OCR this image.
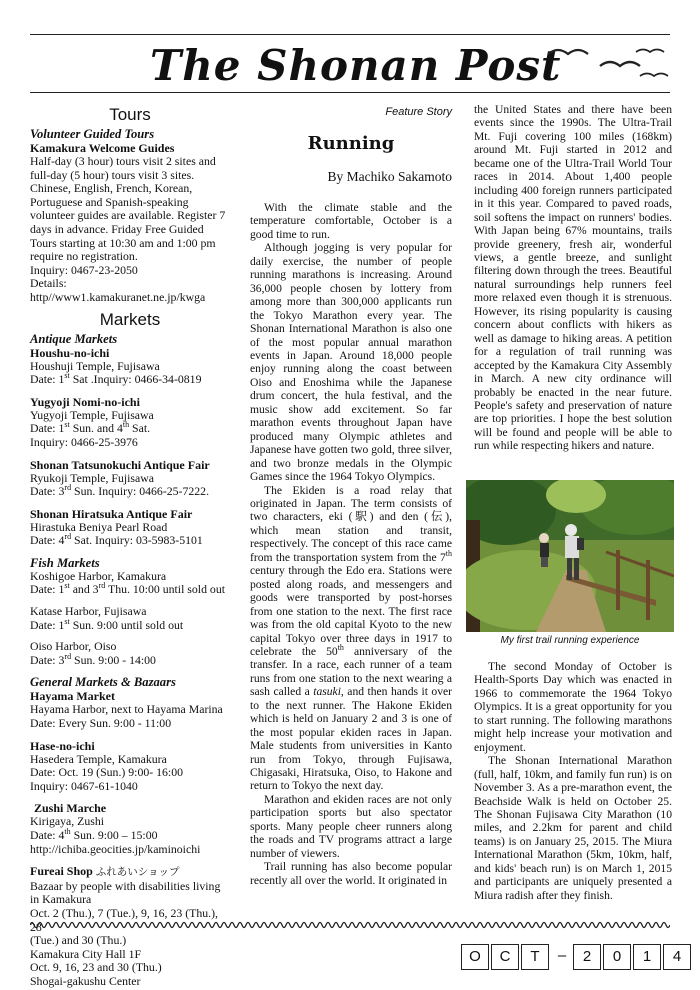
The Shonan Post
Tours
Volunteer Guided Tours
Kamakura Welcome Guides
Half-day (3 hour) tours visit 2 sites and
full-day (5 hour) tours visit 3 sites.
Chinese, English, French, Korean,
Portuguese and Spanish-speaking
volunteer guides are available. Register 7
days in advance. Friday Free Guided
Tours starting at 10:30 am and 1:00 pm
require no registration.
Inquiry: 0467-23-2050
Details:
http//www1.kamakuranet.ne.jp/kwga
Markets
Antique Markets
Houshu-no-ichi
Houshuji Temple, Fujisawa
Date: 1st Sat .Inquiry: 0466-34-0819
Yugyoji Nomi-no-ichi
Yugyoji Temple, Fujisawa
Date: 1st Sun. and 4th Sat.
Inquiry: 0466-25-3976
Shonan Tatsunokuchi Antique Fair
Ryukoji Temple, Fujisawa
Date: 3rd Sun. Inquiry: 0466-25-7222.
Shonan Hiratsuka Antique Fair
Hirastuka Beniya Pearl Road
Date: 4rd Sat. Inquiry: 03-5983-5101
Fish Markets
Koshigoe Harbor, Kamakura
Date: 1st and 3rd Thu. 10:00 until sold out
Katase Harbor, Fujisawa
Date: 1st Sun. 9:00 until sold out
Oiso Harbor, Oiso
Date: 3rd Sun. 9:00 - 14:00
General Markets & Bazaars
Hayama Market
Hayama Harbor, next to Hayama Marina
Date: Every Sun. 9:00 - 11:00
Hase-no-ichi
Hasedera Temple, Kamakura
Date: Oct. 19 (Sun.) 9:00- 16:00
Inquiry: 0467-61-1040
Zushi Marche
Kirigaya, Zushi
Date: 4th Sun. 9:00 – 15:00
http://ichiba.geocities.jp/kaminoichi
Fureai Shop ふれあいショップ
Bazaar by people with disabilities living
in Kamakura
Oct. 2 (Thu.), 7 (Tue.), 9, 16, 23 (Thu.), 28
(Tue.) and 30 (Thu.)
Kamakura City Hall 1F
Oct. 9, 16, 23 and 30 (Thu.)
Shogai-gakushu Center
Feature Story
Running
By Machiko Sakamoto

With the climate stable and the temperature comfortable, October is a good time to run.

Although jogging is very popular for daily exercise, the number of people running marathons is increasing. Around 36,000 people chosen by lottery from among more than 300,000 applicants run the Tokyo Marathon every year. The Shonan International Marathon is also one of the most popular annual marathon events in Japan. Around 18,000 people enjoy running along the coast between Oiso and Enoshima while the Japanese drum concert, the hula festival, and the music show add excitement. So far marathon events throughout Japan have produced many Olympic athletes and Japanese have gotten two gold, three silver, and two bronze medals in the Olympic Games since the 1964 Tokyo Olympics.

The Ekiden is a road relay that originated in Japan. The term consists of two characters, eki (駅) and den (伝), which mean station and transit, respectively. The concept of this race came from the transportation system from the 7th century through the Edo era. Stations were posted along roads, and messengers and goods were transported by post-horses from one station to the next. The first race was from the old capital Kyoto to the new capital Tokyo over three days in 1917 to celebrate the 50th anniversary of the transfer. In a race, each runner of a team runs from one station to the next wearing a sash called a tasuki, and then hands it over to the next runner. The Hakone Ekiden which is held on January 2 and 3 is one of the most popular ekiden races in Japan. Male students from universities in Kanto run from Tokyo, through Fujisawa, Chigasaki, Hiratsuka, Oiso, to Hakone and return to Tokyo the next day.

Marathon and ekiden races are not only participation sports but also spectator sports. Many people cheer runners along the roads and TV programs attract a large number of viewers.

Trail running has also become popular recently all over the world. It originated in

the United States and there have been events since the 1990s. The Ultra-Trail Mt. Fuji covering 100 miles (168km) around Mt. Fuji started in 2012 and became one of the Ultra-Trail World Tour races in 2014. About 1,400 people including 400 foreign runners participated in it this year. Compared to paved roads, soil softens the impact on runners' bodies. With Japan being 67% mountains, trails provide greenery, fresh air, wonderful views, a gentle breeze, and sunlight filtering down through the trees. Beautiful natural surroundings help runners feel more relaxed even though it is strenuous. However, its rising popularity is causing concern about conflicts with hikers as well as damage to hiking areas. A petition for a regulation of trail running was accepted by the Kamakura City Assembly in March. A new city ordinance will probably be enacted in the near future. People's safety and preservation of nature are top priorities. I hope the best solution will be found and people will be able to run while respecting hikers and nature.

My first trail running experience

The second Monday of October is Health-Sports Day which was enacted in 1966 to commemorate the 1964 Tokyo Olympics. It is a great opportunity for you to start running. The following marathons might help increase your motivation and enjoyment.

The Shonan International Marathon (full, half, 10km, and family fun run) is on November 3. As a pre-marathon event, the Beachside Walk is held on October 25. The Shonan Fujisawa City Marathon (10 miles, and 2.2km for parent and child teams) is on January 25, 2015. The Miura International Marathon (5km, 10km, half, and kids' beach run) is on March 1, 2015 and participants are uniquely presented a Miura radish after they finish.

O	C	T	–	2	0	1	4
